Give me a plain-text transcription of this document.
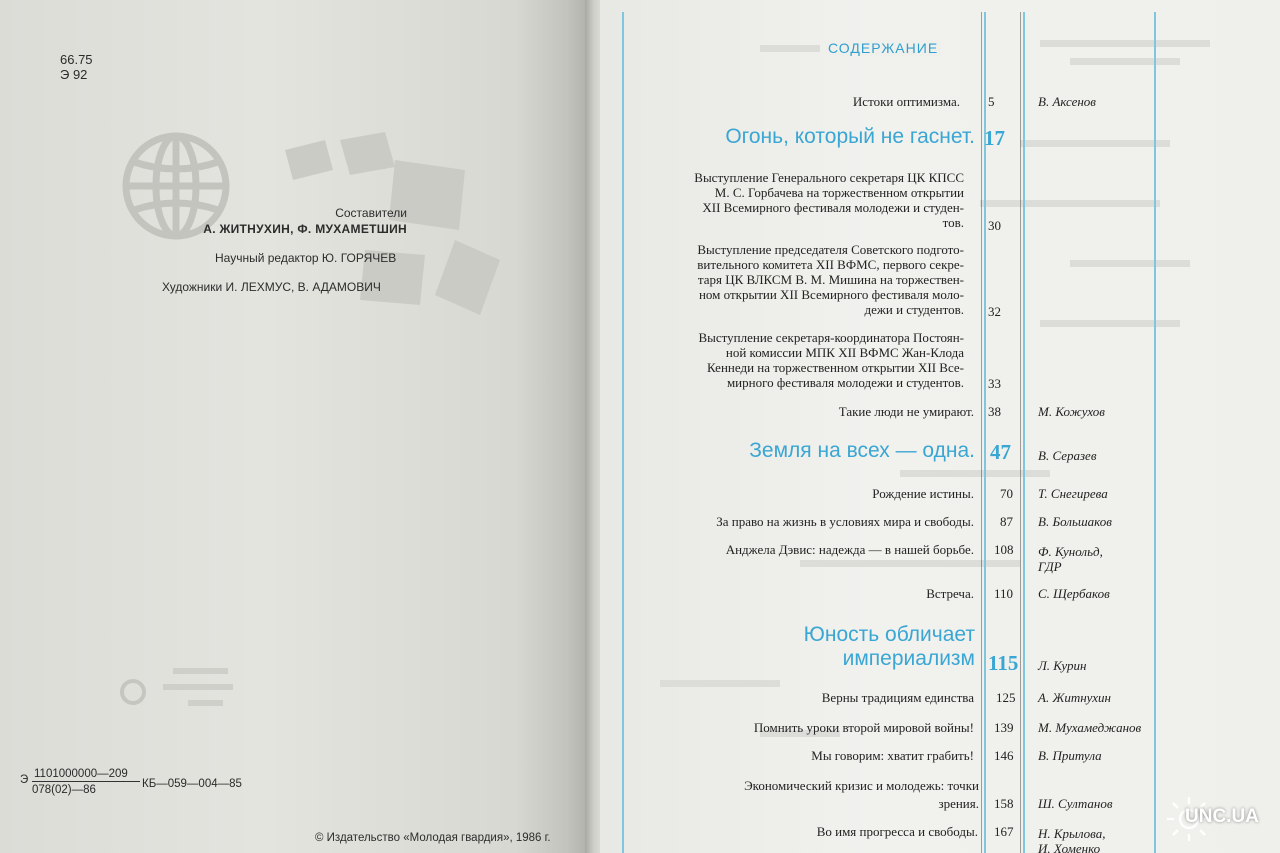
66.75
Э 92
Составители
А. ЖИТНУХИН, Ф. МУХАМЕТШИН
Научный редактор Ю. ГОРЯЧЕВ
Художники И. ЛЕХМУС, В. АДАМОВИЧ
Э $\frac{1101000000—209}{078(02)—86}$ КБ—059—004—85
© Издательство «Молодая гвардия», 1986 г.
СОДЕРЖАНИЕ
Истоки оптимизма. 5	В. Аксенов
Огонь, который не гаснет. 17
Выступление Генерального секретаря ЦК КПСС
М. С. Горбачева на торжественном открытии
XII Всемирного фестиваля молодежи и студен-
тов. 30
Выступление председателя Советского подгото-
вительного комитета XII ВФМС, первого секре-
таря ЦК ВЛКСМ В. М. Мишина на торжествен-
ном открытии XII Всемирного фестиваля моло-
дежи и студентов. 32
Выступление секретаря-координатора Постоян-
ной комиссии МПК XII ВФМС Жан-Клода
Кеннеди на торжественном открытии XII Все-
мирного фестиваля молодежи и студентов. 33
Такие люди не умирают. 38	М. Кожухов
Земля на всех — одна. 47 В. Серазев
Рождение истины. 70 Т. Снегирева
За право на жизнь в условиях мира и свободы. 87 В. Большаков
Анджела Дэвис: надежда — в нашей борьбе. 108 Ф. Кунольд,
ГДР
Встреча. 110 С. Щербаков
Юность обличает
империализм 115 Л. Курин
Верны традициям единства 125 А. Житнухин
Помнить уроки второй мировой войны! 139 М. Мухамеджанов
Мы говорим: хватит грабить! 146 В. Притула
Экономический кризис и молодежь: точки
зрения. 158 Ш. Султанов
Во имя прогресса и свободы. 167 Н. Крылова,
И. Хоменко
UNC.UA
